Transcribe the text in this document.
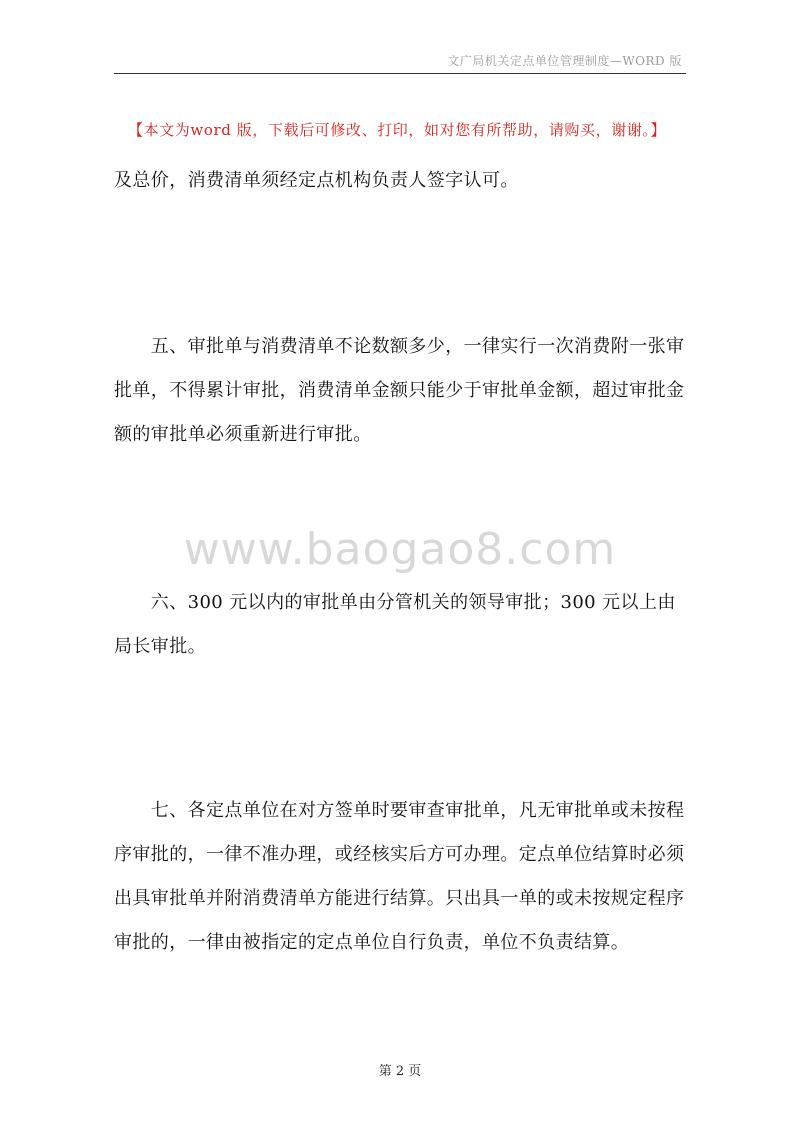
文广局机关定点单位管理制度—WORD 版
【本文为word 版，下载后可修改、打印，如对您有所帮助，请购买，谢谢。】

及总价，消费清单须经定点机构负责人签字认可。

　　五、审批单与消费清单不论数额多少，一律实行一次消费附一张审批单，不得累计审批，消费清单金额只能少于审批单金额，超过审批金额的审批单必须重新进行审批。

www.baogao8.com

　　六、300 元以内的审批单由分管机关的领导审批；300 元以上由局长审批。

　　七、各定点单位在对方签单时要审查审批单，凡无审批单或未按程序审批的，一律不准办理，或经核实后方可办理。定点单位结算时必须出具审批单并附消费清单方能进行结算。只出具一单的或未按规定程序审批的，一律由被指定的定点单位自行负责，单位不负责结算。

第 2 页
